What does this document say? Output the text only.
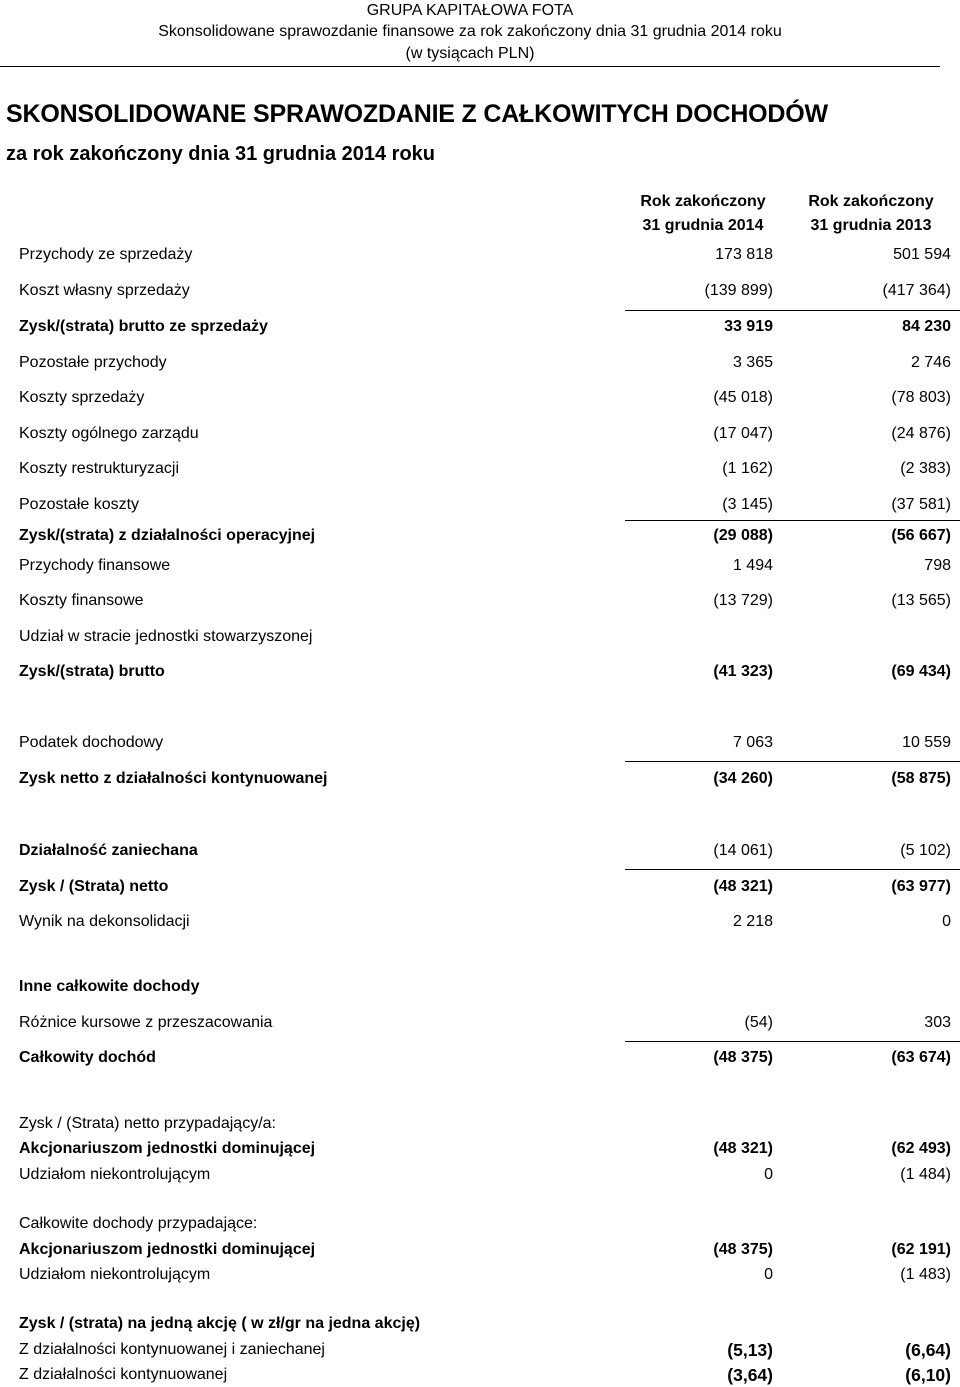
GRUPA KAPITAŁOWA FOTA
Skonsolidowane sprawozdanie finansowe za rok zakończony dnia 31 grudnia 2014 roku
(w tysiącach PLN)
SKONSOLIDOWANE SPRAWOZDANIE Z CAŁKOWITYCH DOCHODÓW
za rok zakończony dnia 31 grudnia 2014 roku
Rok zakończony
31 grudnia 2014
Rok zakończony
31 grudnia 2013
Przychody ze sprzedaży	173 818	501 594
Koszt własny sprzedaży	(139 899)	(417 364)
Zysk/(strata) brutto ze sprzedaży	33 919	84 230
Pozostałe przychody	3 365	2 746
Koszty sprzedaży	(45 018)	(78 803)
Koszty ogólnego zarządu	(17 047)	(24 876)
Koszty restrukturyzacji	(1 162)	(2 383)
Pozostałe koszty	(3 145)	(37 581)
Zysk/(strata) z działalności operacyjnej	(29 088)	(56 667)
Przychody finansowe	1 494	798
Koszty finansowe	(13 729)	(13 565)
Udział w stracie jednostki stowarzyszonej
Zysk/(strata) brutto	(41 323)	(69 434)
Podatek dochodowy	7 063	10 559
Zysk netto z działalności kontynuowanej	(34 260)	(58 875)
Działalność zaniechana	(14 061)	(5 102)
Zysk / (Strata) netto	(48 321)	(63 977)
Wynik na dekonsolidacji	2 218	0
Inne całkowite dochody
Różnice kursowe z przeszacowania	(54)	303
Całkowity dochód	(48 375)	(63 674)
Zysk / (Strata) netto przypadający/a:
Akcjonariuszom jednostki dominującej	(48 321)	(62 493)
Udziałom niekontrolującym	0	(1 484)
Całkowite dochody przypadające:
Akcjonariuszom jednostki dominującej	(48 375)	(62 191)
Udziałom niekontrolującym	0	(1 483)
Zysk / (strata) na jedną akcję ( w zł/gr na jedna akcję)
Z działalności kontynuowanej i zaniechanej	(5,13)	(6,64)
Z działalności kontynuowanej	(3,64)	(6,10)
